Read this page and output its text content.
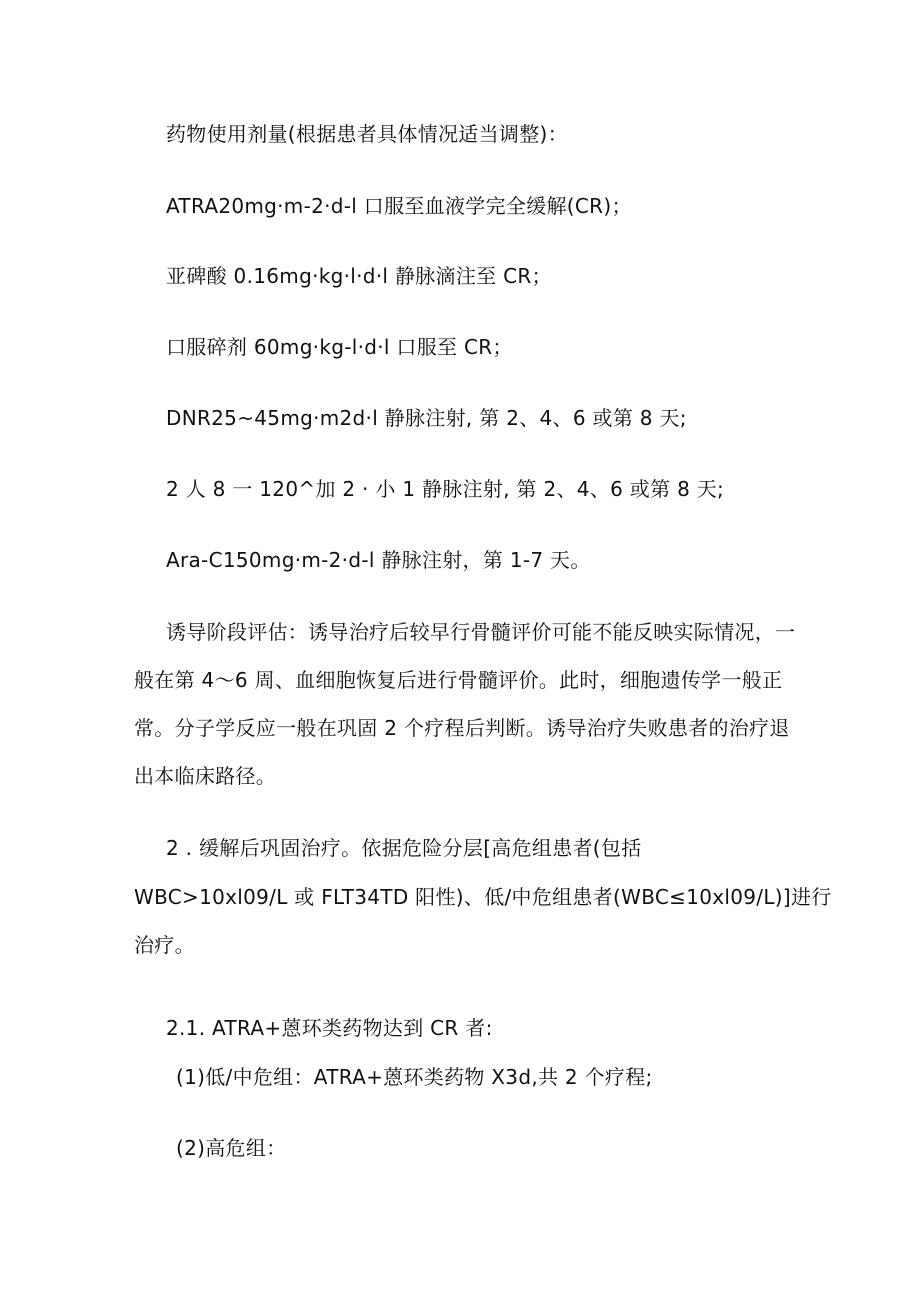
药物使用剂量(根据患者具体情况适当调整)：
ATRA20mg·m-2·d-l 口服至血液学完全缓解(CR)；
亚碑酸 0.16mg·kg·l·d·l 静脉滴注至 CR；
口服碎剂 60mg·kg-l·d·l 口服至 CR；
DNR25~45mg·m2d·l 静脉注射, 第 2、4、6 或第 8 天;
2 人 8 一 120^加 2 · 小 1 静脉注射, 第 2、4、6 或第 8 天;
Ara-C150mg·m-2·d-l 静脉注射，第 1-7 天。
诱导阶段评估：诱导治疗后较早行骨髓评价可能不能反映实际情况，一
般在第 4～6 周、血细胞恢复后进行骨髓评价。此时，细胞遗传学一般正
常。分子学反应一般在巩固 2 个疗程后判断。诱导治疗失败患者的治疗退
出本临床路径。
2 . 缓解后巩固治疗。依据危险分层[高危组患者(包括
WBC>10xl09/L 或 FLT34TD 阳性)、低/中危组患者(WBC≤10xl09/L)]进行
治疗。
2.1. ATRA+蒽环类药物达到 CR 者:
(1)低/中危组：ATRA+蒽环类药物 X3d,共 2 个疗程;
(2)高危组：
